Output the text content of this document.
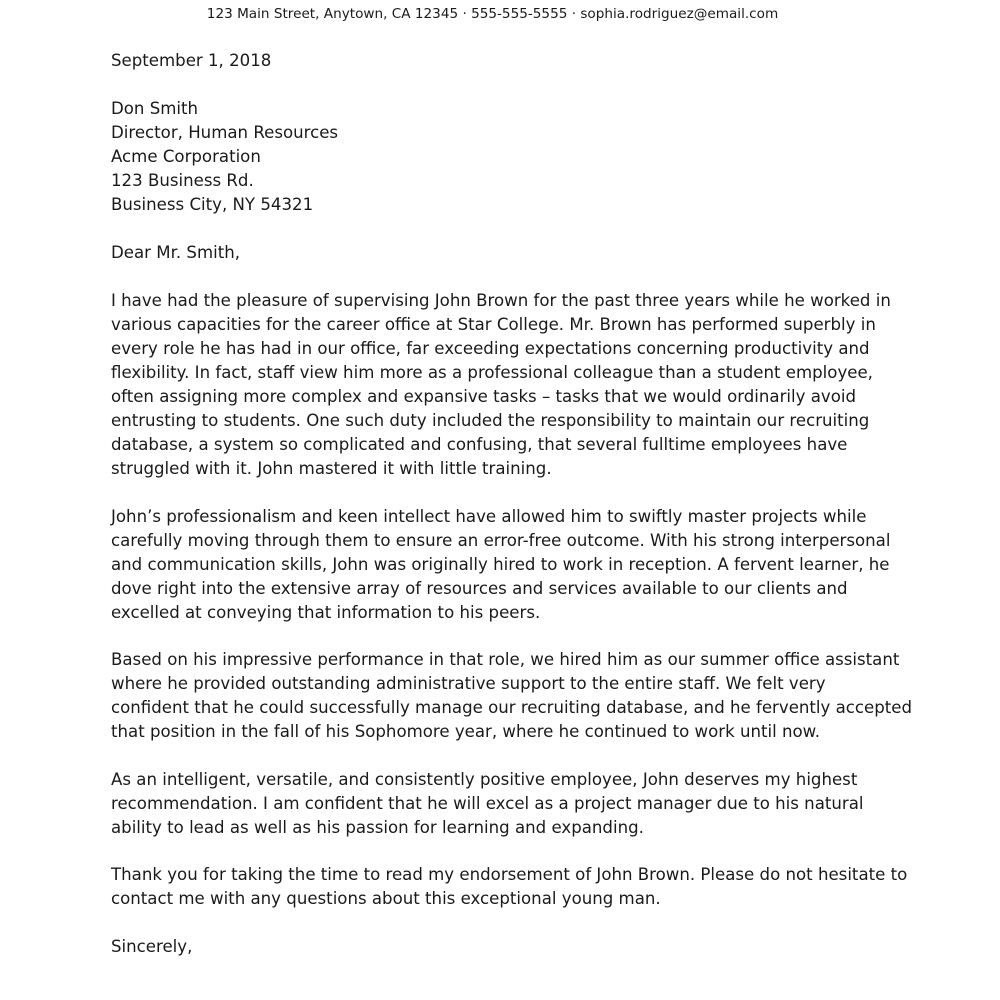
123 Main Street, Anytown, CA 12345 · 555-555-5555 · sophia.rodriguez@email.com
September 1, 2018
Don Smith
Director, Human Resources
Acme Corporation
123 Business Rd.
Business City, NY 54321
Dear Mr. Smith,

I have had the pleasure of supervising John Brown for the past three years while he worked in
various capacities for the career office at Star College. Mr. Brown has performed superbly in
every role he has had in our office, far exceeding expectations concerning productivity and
flexibility. In fact, staff view him more as a professional colleague than a student employee,
often assigning more complex and expansive tasks – tasks that we would ordinarily avoid
entrusting to students. One such duty included the responsibility to maintain our recruiting
database, a system so complicated and confusing, that several fulltime employees have
struggled with it. John mastered it with little training.

John’s professionalism and keen intellect have allowed him to swiftly master projects while
carefully moving through them to ensure an error-free outcome. With his strong interpersonal
and communication skills, John was originally hired to work in reception. A fervent learner, he
dove right into the extensive array of resources and services available to our clients and
excelled at conveying that information to his peers.

Based on his impressive performance in that role, we hired him as our summer office assistant
where he provided outstanding administrative support to the entire staff. We felt very
confident that he could successfully manage our recruiting database, and he fervently accepted
that position in the fall of his Sophomore year, where he continued to work until now.

As an intelligent, versatile, and consistently positive employee, John deserves my highest
recommendation. I am confident that he will excel as a project manager due to his natural
ability to lead as well as his passion for learning and expanding.

Thank you for taking the time to read my endorsement of John Brown. Please do not hesitate to
contact me with any questions about this exceptional young man.

Sincerely,
